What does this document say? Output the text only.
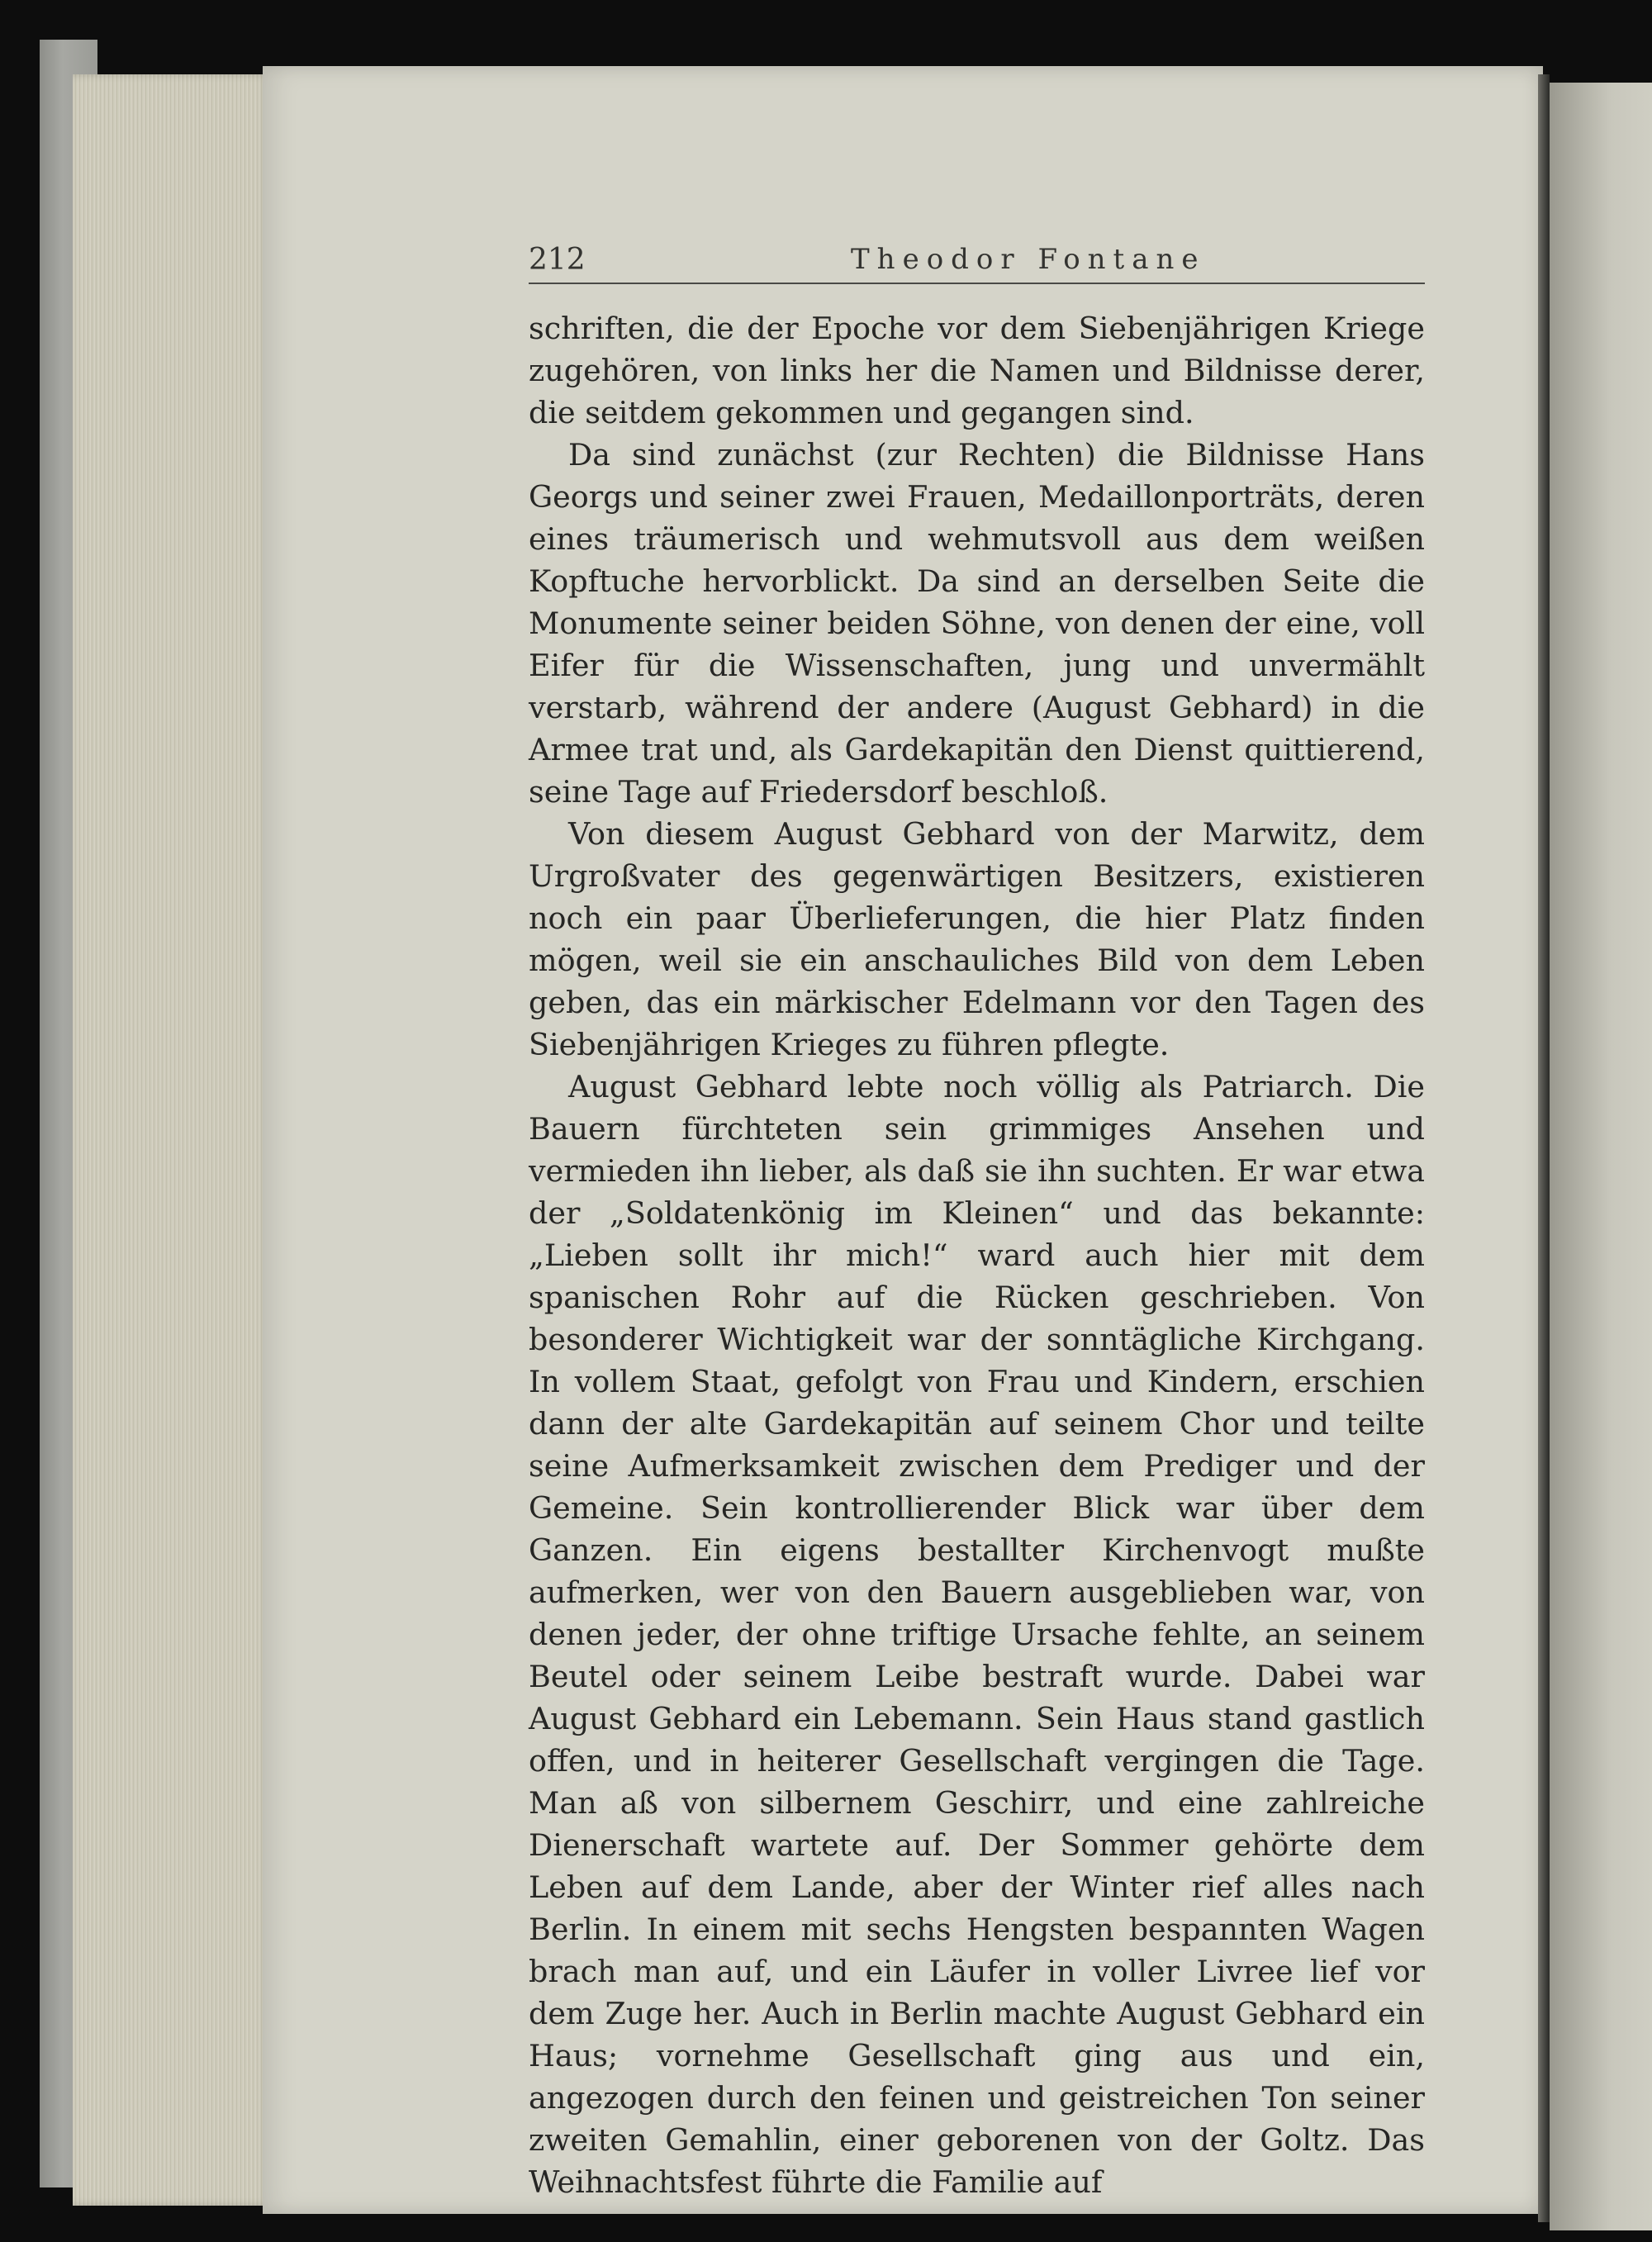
212	Theodor Fontane

schriften, die der Epoche vor dem Siebenjährigen Kriege zugehören, von links her die Namen und Bildnisse derer, die seitdem gekommen und gegangen sind.

Da sind zunächst (zur Rechten) die Bildnisse Hans Georgs und seiner zwei Frauen, Medaillonporträts, deren eines träumerisch und wehmutsvoll aus dem weißen Kopftuche hervorblickt. Da sind an derselben Seite die Monumente seiner beiden Söhne, von denen der eine, voll Eifer für die Wissenschaften, jung und unvermählt verstarb, während der andere (August Gebhard) in die Armee trat und, als Gardekapitän den Dienst quittierend, seine Tage auf Friedersdorf beschloß.

Von diesem August Gebhard von der Marwitz, dem Urgroßvater des gegenwärtigen Besitzers, existieren noch ein paar Überlieferungen, die hier Platz finden mögen, weil sie ein anschauliches Bild von dem Leben geben, das ein märkischer Edelmann vor den Tagen des Siebenjährigen Krieges zu führen pflegte.

August Gebhard lebte noch völlig als Patriarch. Die Bauern fürchteten sein grimmiges Ansehen und vermieden ihn lieber, als daß sie ihn suchten. Er war etwa der „Soldatenkönig im Kleinen“ und das bekannte: „Lieben sollt ihr mich!“ ward auch hier mit dem spanischen Rohr auf die Rücken geschrieben. Von besonderer Wichtigkeit war der sonntägliche Kirchgang. In vollem Staat, gefolgt von Frau und Kindern, erschien dann der alte Gardekapitän auf seinem Chor und teilte seine Aufmerksamkeit zwischen dem Prediger und der Gemeine. Sein kontrollierender Blick war über dem Ganzen. Ein eigens bestallter Kirchenvogt mußte aufmerken, wer von den Bauern ausgeblieben war, von denen jeder, der ohne triftige Ursache fehlte, an seinem Beutel oder seinem Leibe bestraft wurde. Dabei war August Gebhard ein Lebemann. Sein Haus stand gastlich offen, und in heiterer Gesellschaft vergingen die Tage. Man aß von silbernem Geschirr, und eine zahlreiche Dienerschaft wartete auf. Der Sommer gehörte dem Leben auf dem Lande, aber der Winter rief alles nach Berlin. In einem mit sechs Hengsten bespannten Wagen brach man auf, und ein Läufer in voller Livree lief vor dem Zuge her. Auch in Berlin machte August Gebhard ein Haus; vornehme Gesellschaft ging aus und ein, angezogen durch den feinen und geistreichen Ton seiner zweiten Gemahlin, einer geborenen von der Goltz. Das Weihnachtsfest führte die Familie auf
